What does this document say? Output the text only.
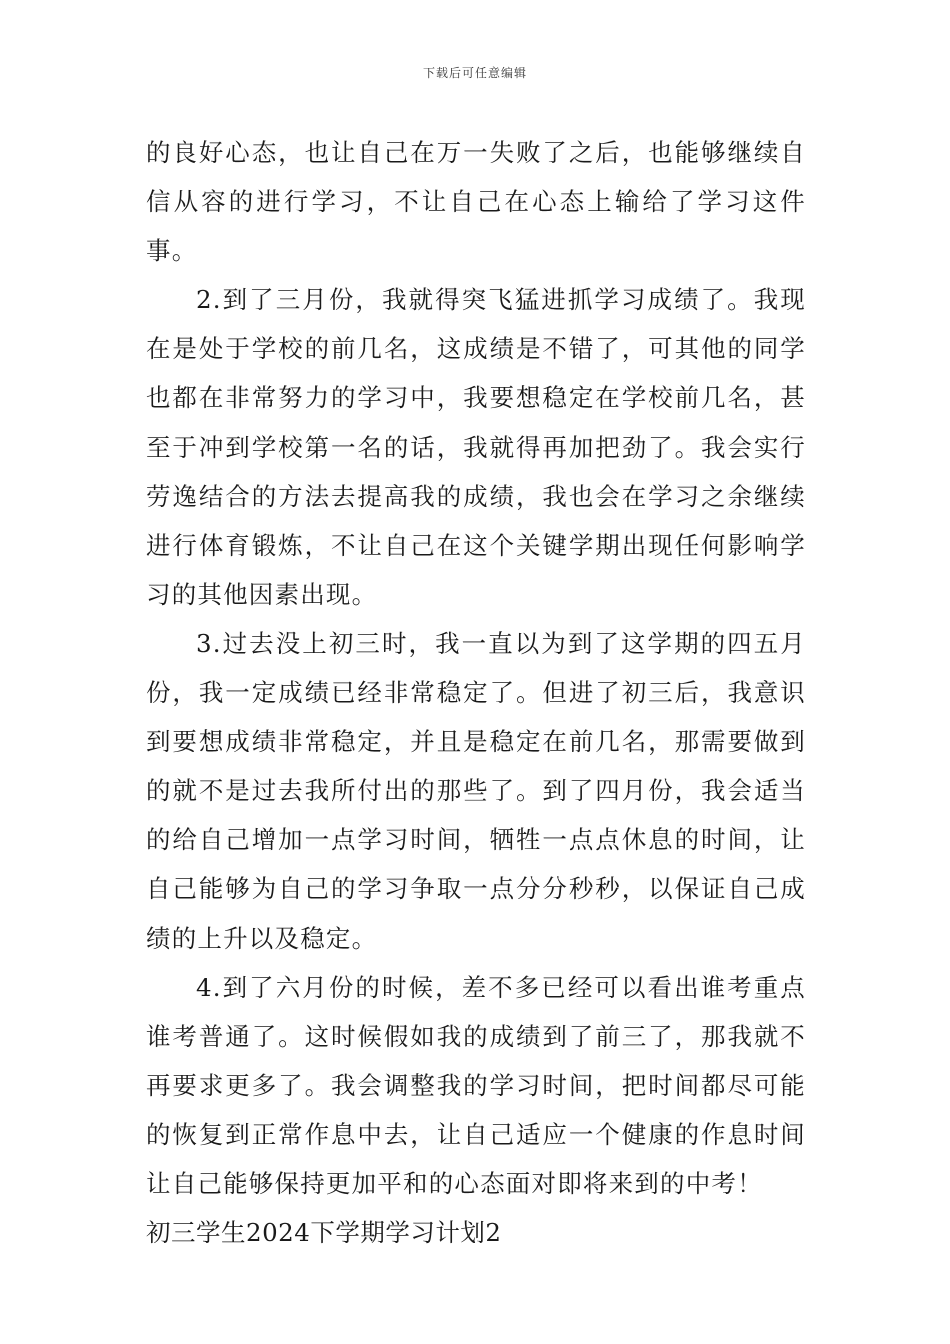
下载后可任意编辑

的良好心态，也让自己在万一失败了之后，也能够继续自信从容的进行学习，不让自己在心态上输给了学习这件事。

2.到了三月份，我就得突飞猛进抓学习成绩了。我现在是处于学校的前几名，这成绩是不错了，可其他的同学也都在非常努力的学习中，我要想稳定在学校前几名，甚至于冲到学校第一名的话，我就得再加把劲了。我会实行劳逸结合的方法去提高我的成绩，我也会在学习之余继续进行体育锻炼，不让自己在这个关键学期出现任何影响学习的其他因素出现。

3.过去没上初三时，我一直以为到了这学期的四五月份，我一定成绩已经非常稳定了。但进了初三后，我意识到要想成绩非常稳定，并且是稳定在前几名，那需要做到的就不是过去我所付出的那些了。到了四月份，我会适当的给自己增加一点学习时间，牺牲一点点休息的时间，让自己能够为自己的学习争取一点分分秒秒，以保证自己成绩的上升以及稳定。

4.到了六月份的时候，差不多已经可以看出谁考重点谁考普通了。这时候假如我的成绩到了前三了，那我就不再要求更多了。我会调整我的学习时间，把时间都尽可能的恢复到正常作息中去，让自己适应一个健康的作息时间让自己能够保持更加平和的心态面对即将来到的中考！

初三学生2024下学期学习计划2
